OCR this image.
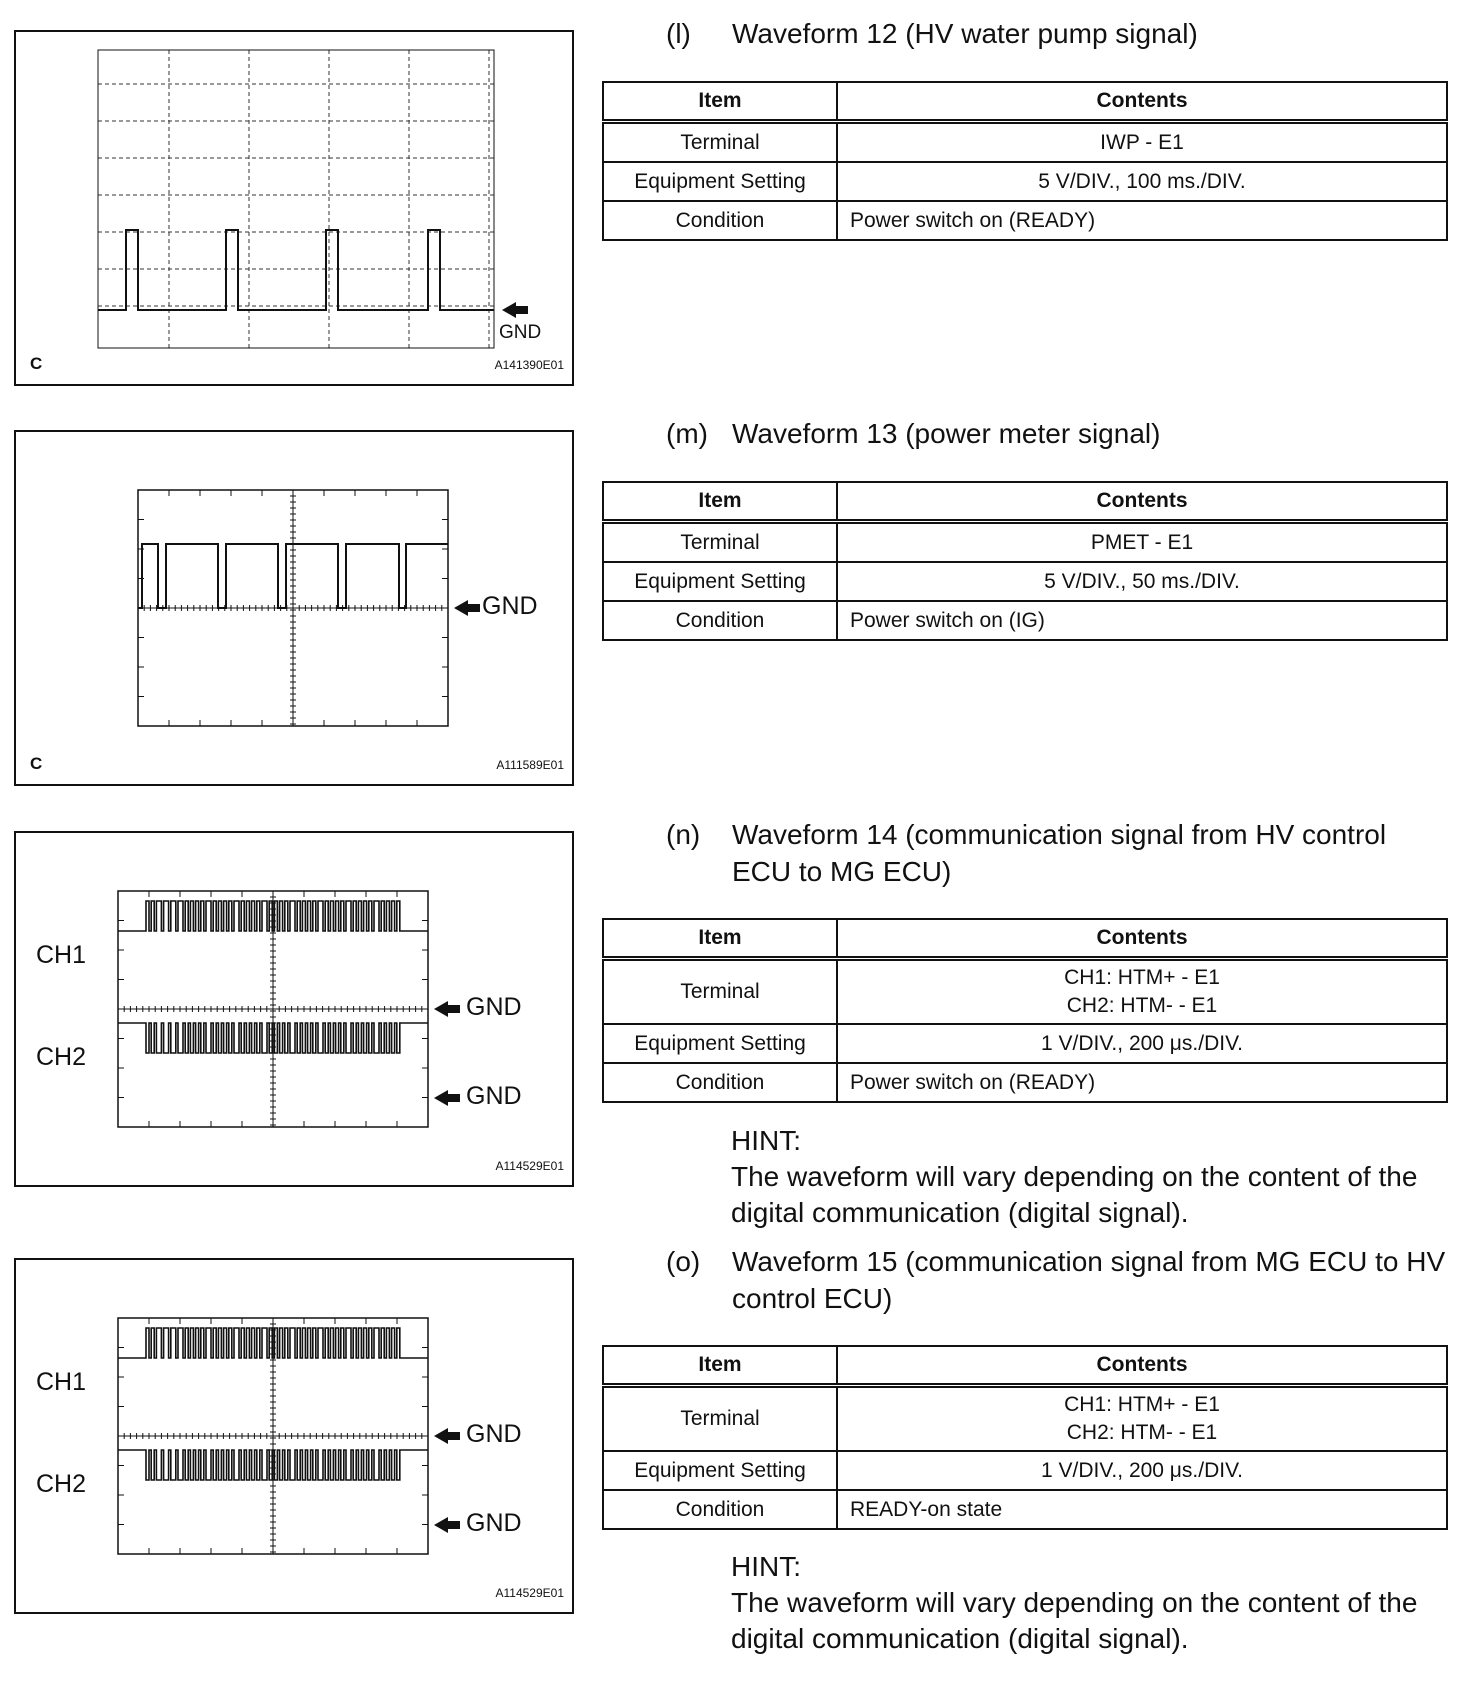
GND
C	A141390E01
GND
C	A111589E01
CH1
CH2
GND
GND
A114529E01
CH1
CH2
GND
GND
A114529E01
(l) Waveform 12 (HV water pump signal)
Item	Contents
Terminal	IWP - E1
Equipment Setting	5 V/DIV., 100 ms./DIV.
Condition	Power switch on (READY)
(m) Waveform 13 (power meter signal)
Item	Contents
Terminal	PMET - E1
Equipment Setting	5 V/DIV., 50 ms./DIV.
Condition	Power switch on (IG)
(n) Waveform 14 (communication signal from HV control ECU to MG ECU)
Item	Contents
Terminal	CH1: HTM+ - E1
CH2: HTM- - E1

Equipment Setting	1 V/DIV., 200 μs./DIV.
Condition	Power switch on (READY)
HINT:
The waveform will vary depending on the content of the digital communication (digital signal).
(o) Waveform 15 (communication signal from MG ECU to HV control ECU)
Item	Contents
Terminal	CH1: HTM+ - E1
CH2: HTM- - E1

Equipment Setting	1 V/DIV., 200 μs./DIV.
Condition	READY-on state
HINT:
The waveform will vary depending on the content of the digital communication (digital signal).
